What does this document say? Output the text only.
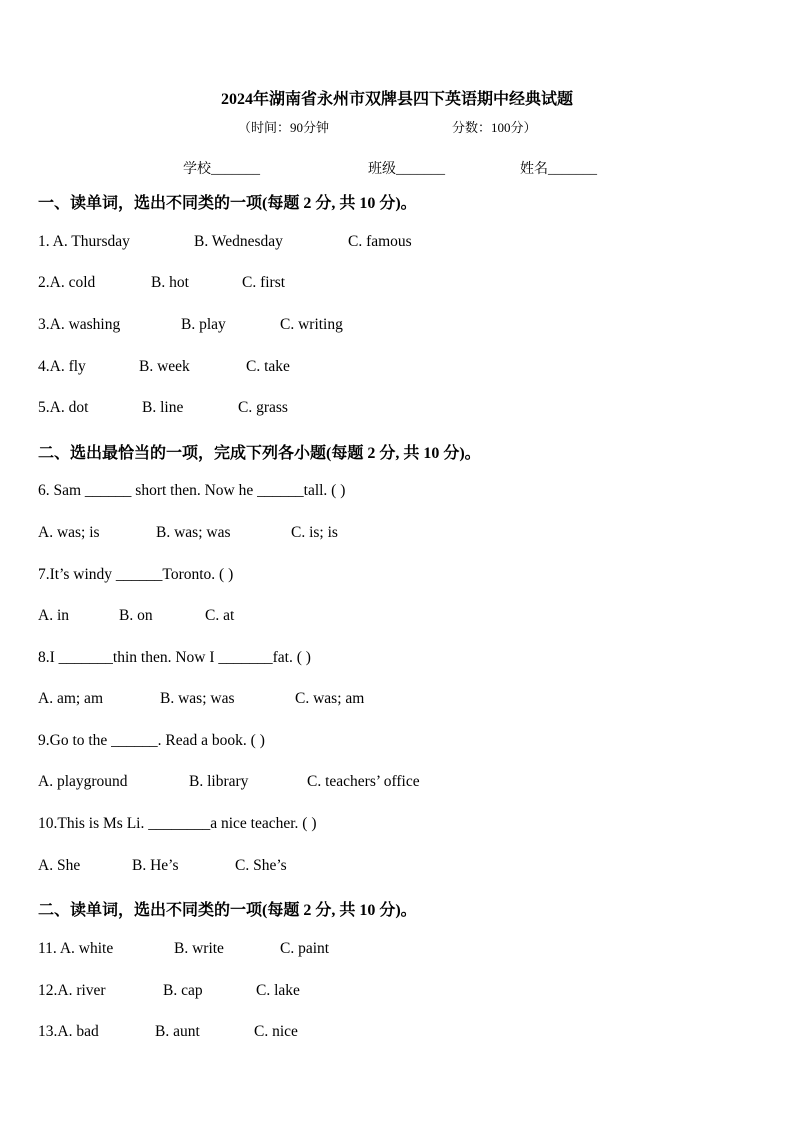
2024年湖南省永州市双牌县四下英语期中经典试题
（时间：90分钟	分数：100分）
学校_______	班级_______	姓名_______
一、读单词，选出不同类的一项(每题 2 分, 共 10 分)。
1. A. Thursday	B. Wednesday	C. famous
2.A. cold	B. hot	C. first
3.A. washing	B. play	C. writing
4.A. fly	B. week	C. take
5.A. dot	B. line	C. grass
二、选出最恰当的一项，完成下列各小题(每题 2 分, 共 10 分)。
6. Sam ______ short then. Now he ______tall. ( )
A. was; is	B. was; was	C. is; is
7.It’s windy ______Toronto. ( )
A. in	B. on	C. at
8.I _______thin then. Now I _______fat. ( )
A. am; am	B. was; was	C. was; am
9.Go to the ______. Read a book. ( )
A. playground	B. library	C. teachers’ office
10.This is Ms Li. ________a nice teacher. ( )
A. She	B. He’s	C. She’s
二、读单词，选出不同类的一项(每题 2 分, 共 10 分)。
11. A. white	B. write	C. paint
12.A. river	B. cap	C. lake
13.A. bad	B. aunt	C. nice
